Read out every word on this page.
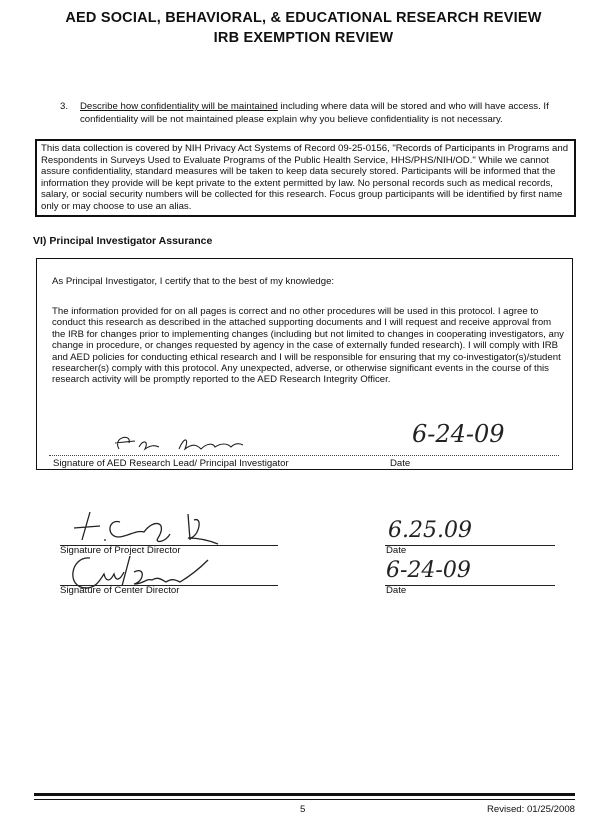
AED SOCIAL, BEHAVIORAL, & EDUCATIONAL RESEARCH REVIEW
IRB EXEMPTION REVIEW
3. Describe how confidentiality will be maintained including where data will be stored and who will have access. If confidentiality will be not maintained please explain why you believe confidentiality is not necessary.
This data collection is covered by NIH Privacy Act Systems of Record 09-25-0156, "Records of Participants in Programs and Respondents in Surveys Used to Evaluate Programs of the Public Health Service, HHS/PHS/NIH/OD." While we cannot assure confidentiality, standard measures will be taken to keep data securely stored. Participants will be informed that the information they provide will be kept private to the extent permitted by law. No personal records such as medical records, salary, or social security numbers will be collected for this research. Focus group participants will be identified by first name only or may choose to use an alias.
VI) Principal Investigator Assurance
As Principal Investigator, I certify that to the best of my knowledge:
The information provided for on all pages is correct and no other procedures will be used in this protocol. I agree to conduct this research as described in the attached supporting documents and I will request and receive approval from the IRB for changes prior to implementing changes (including but not limited to changes in cooperating investigators, any change in procedure, or changes requested by agency in the case of externally funded research). I will comply with IRB and AED policies for conducting ethical research and I will be responsible for ensuring that my co-investigator(s)/student researcher(s) comply with this protocol. Any unexpected, adverse, or otherwise significant events in the course of this research activity will be promptly reported to the AED Research Integrity Officer.
6-24-09
Signature of AED Research Lead/ Principal Investigator	Date
Signature of Project Director
6.25.09
Date
Signature of Center Director
6-24-09
Date
5	Revised: 01/25/2008
